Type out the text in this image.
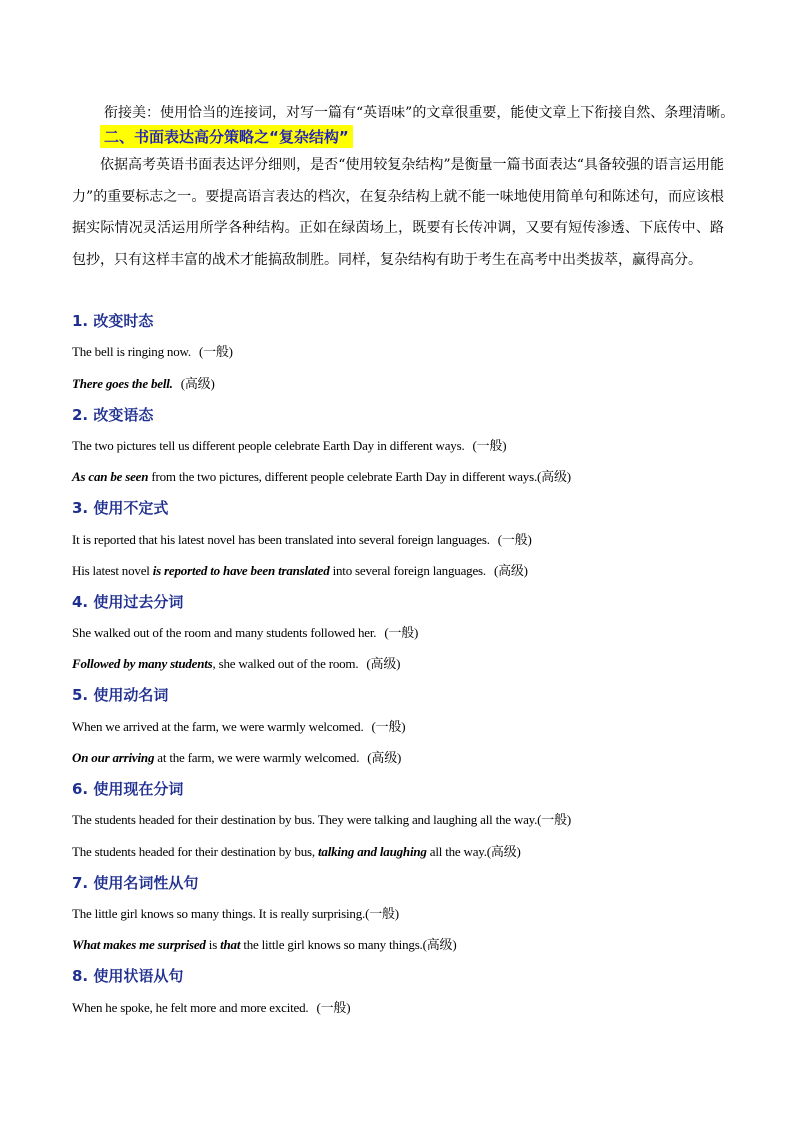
衔接美：使用恰当的连接词，对写一篇有“英语味”的文章很重要，能使文章上下衔接自然、条理清晰。
二、书面表达高分策略之“复杂结构”
依据高考英语书面表达评分细则，是否“使用较复杂结构”是衡量一篇书面表达“具备较强的语言运用能力”的重要标志之一。要提高语言表达的档次，在复杂结构上就不能一味地使用简单句和陈述句，而应该根据实际情况灵活运用所学各种结构。正如在绿茵场上，既要有长传冲调，又要有短传渗透、下底传中、路包抄，只有这样丰富的战术才能搞敌制胜。同样，复杂结构有助于考生在高考中出类拔萃，赢得高分。
1. 改变时态
The bell is ringing now. (一般)
There goes the bell. (高级)
2. 改变语态
The two pictures tell us different people celebrate Earth Day in different ways. (一般)
As can be seen from the two pictures, different people celebrate Earth Day in different ways.(高级)
3. 使用不定式
It is reported that his latest novel has been translated into several foreign languages. (一般)
His latest novel is reported to have been translated into several foreign languages. (高级)
4. 使用过去分词
She walked out of the room and many students followed her. (一般)
Followed by many students, she walked out of the room. (高级)
5. 使用动名词
When we arrived at the farm, we were warmly welcomed. (一般)
On our arriving at the farm, we were warmly welcomed. (高级)
6. 使用现在分词
The students headed for their destination by bus. They were talking and laughing all the way.(一般)
The students headed for their destination by bus, talking and laughing all the way.(高级)
7. 使用名词性从句
The little girl knows so many things. It is really surprising.(一般)
What makes me surprised is that the little girl knows so many things.(高级)
8. 使用状语从句
When he spoke, he felt more and more excited. (一般)
